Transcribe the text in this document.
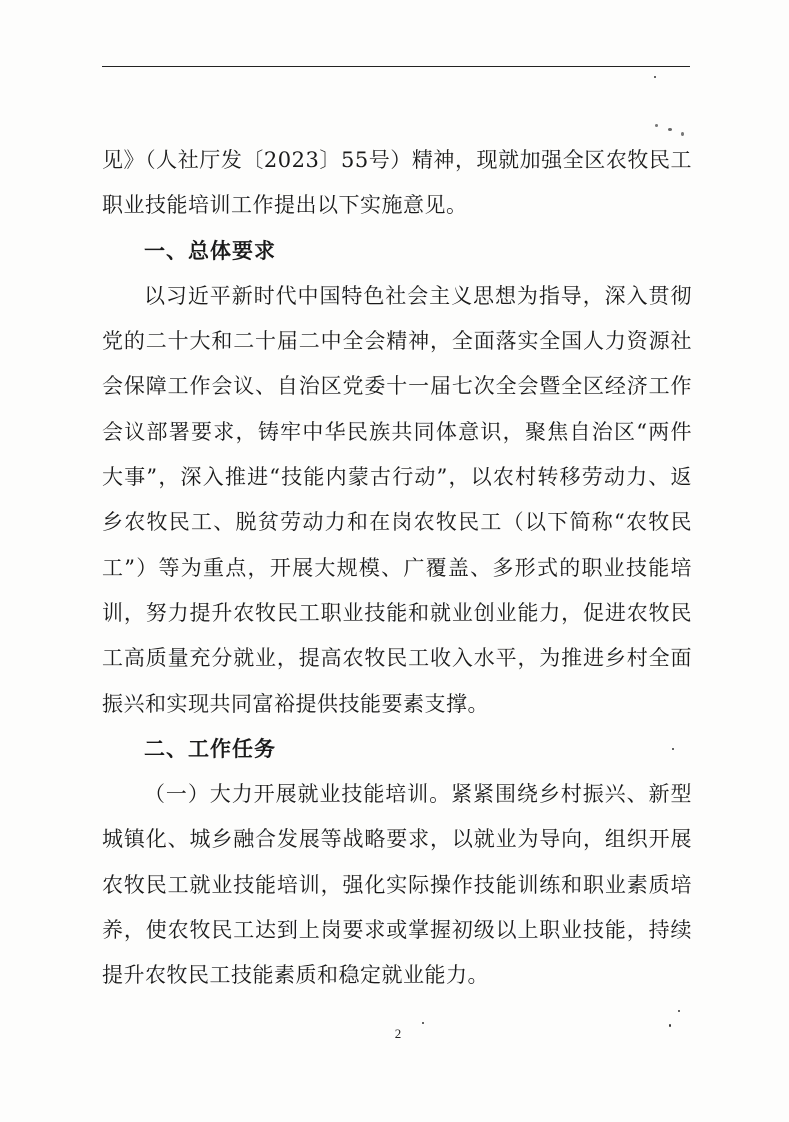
见》（人社厅发〔2023〕55号）精神，现就加强全区农牧民工职业技能培训工作提出以下实施意见。

一、总体要求

以习近平新时代中国特色社会主义思想为指导，深入贯彻党的二十大和二十届二中全会精神，全面落实全国人力资源社会保障工作会议、自治区党委十一届七次全会暨全区经济工作会议部署要求，铸牢中华民族共同体意识，聚焦自治区“两件大事”，深入推进“技能内蒙古行动”，以农村转移劳动力、返乡农牧民工、脱贫劳动力和在岗农牧民工（以下简称“农牧民工”）等为重点，开展大规模、广覆盖、多形式的职业技能培训，努力提升农牧民工职业技能和就业创业能力，促进农牧民工高质量充分就业，提高农牧民工收入水平，为推进乡村全面振兴和实现共同富裕提供技能要素支撑。

二、工作任务

（一）大力开展就业技能培训。紧紧围绕乡村振兴、新型城镇化、城乡融合发展等战略要求，以就业为导向，组织开展农牧民工就业技能培训，强化实际操作技能训练和职业素质培养，使农牧民工达到上岗要求或掌握初级以上职业技能，持续提升农牧民工技能素质和稳定就业能力。

2
